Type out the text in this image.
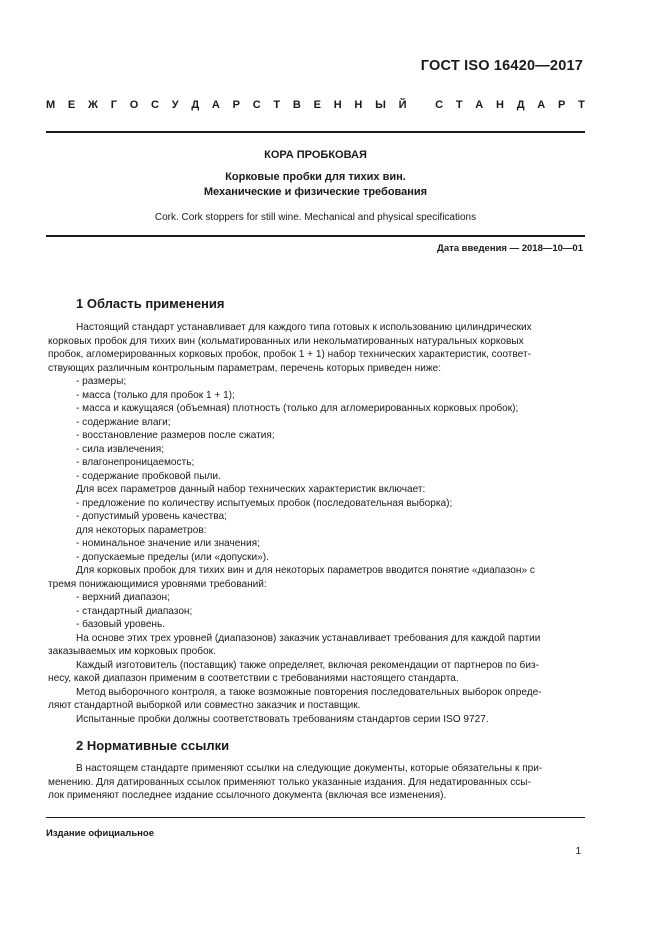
ГОСТ ISO 16420—2017
М Е Ж Г О С У Д А Р С Т В Е Н Н Ы Й
	С Т А Н Д А Р Т
КОРА ПРОБКОВАЯ
Корковые пробки для тихих вин.
Механические и физические требования
Cork. Cork stoppers for still wine. Mechanical and physical specifications
Дата введения — 2018—10—01
1 Область применения
Настоящий стандарт устанавливает для каждого типа готовых к использованию цилиндрических
корковых пробок для тихих вин (кольматированных или некольматированных натуральных корковых
пробок, агломерированных корковых пробок, пробок 1 + 1) набор технических характеристик, соответ-
ствующих различным контрольным параметрам, перечень которых приведен ниже:
- размеры;
- масса (только для пробок 1 + 1);
- масса и кажущаяся (объемная) плотность (только для агломерированных корковых пробок);
- содержание влаги;
- восстановление размеров после сжатия;
- сила извлечения;
- влагонепроницаемость;
- содержание пробковой пыли.
Для всех параметров данный набор технических характеристик включает:
- предложение по количеству испытуемых пробок (последовательная выборка);
- допустимый уровень качества;
для некоторых параметров:
- номинальное значение или значения;
- допускаемые пределы (или «допуски»).
Для корковых пробок для тихих вин и для некоторых параметров вводится понятие «диапазон» с
тремя понижающимися уровнями требований:
- верхний диапазон;
- стандартный диапазон;
- базовый уровень.
На основе этих трех уровней (диапазонов) заказчик устанавливает требования для каждой партии
заказываемых им корковых пробок.
Каждый изготовитель (поставщик) также определяет, включая рекомендации от партнеров по биз-
несу, какой диапазон применим в соответствии с требованиями настоящего стандарта.
Метод выборочного контроля, а также возможные повторения последовательных выборок опреде-
ляют стандартной выборкой или совместно заказчик и поставщик.
Испытанные пробки должны соответствовать требованиям стандартов серии ISO 9727.
2 Нормативные ссылки
В настоящем стандарте применяют ссылки на следующие документы, которые обязательны к при-
менению. Для датированных ссылок применяют только указанные издания. Для недатированных ссы-
лок применяют последнее издание ссылочного документа (включая все изменения).
Издание официальное
1
